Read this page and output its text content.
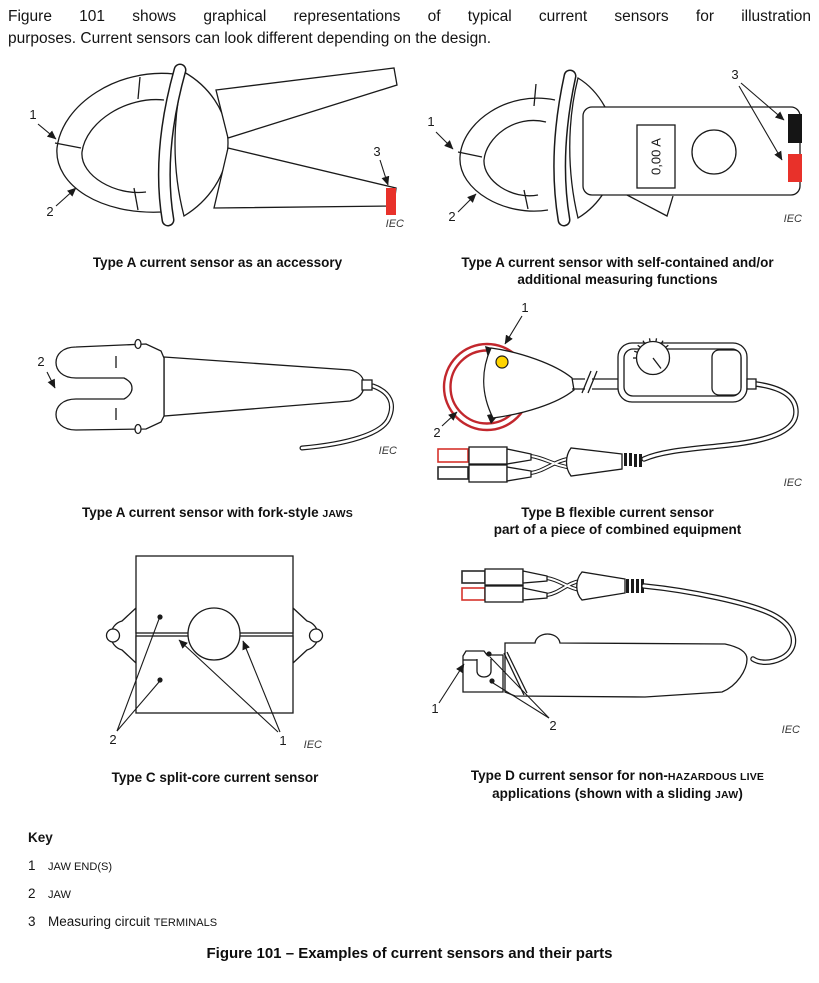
Figure 101 shows graphical representations of typical current sensors for illustration
purposes. Current sensors can look different depending on the design.
1
2
3
IEC
Type A current sensor as an accessory
0,00 A
1
2
3
IEC
Type A current sensor with self-contained and/or
additional measuring functions
2
IEC
Type A current sensor with fork-style JAWS
1
2
IEC
Type B flexible current sensor
part of a piece of combined equipment
2	1 IEC
Type C split-core current sensor
1
2	IEC
Type D current sensor for non-HAZARDOUS LIVE
applications (shown with a sliding JAW)
Key
1 JAW END(S)
2 JAW
3 Measuring circuit TERMINALS
Figure 101 – Examples of current sensors and their parts
